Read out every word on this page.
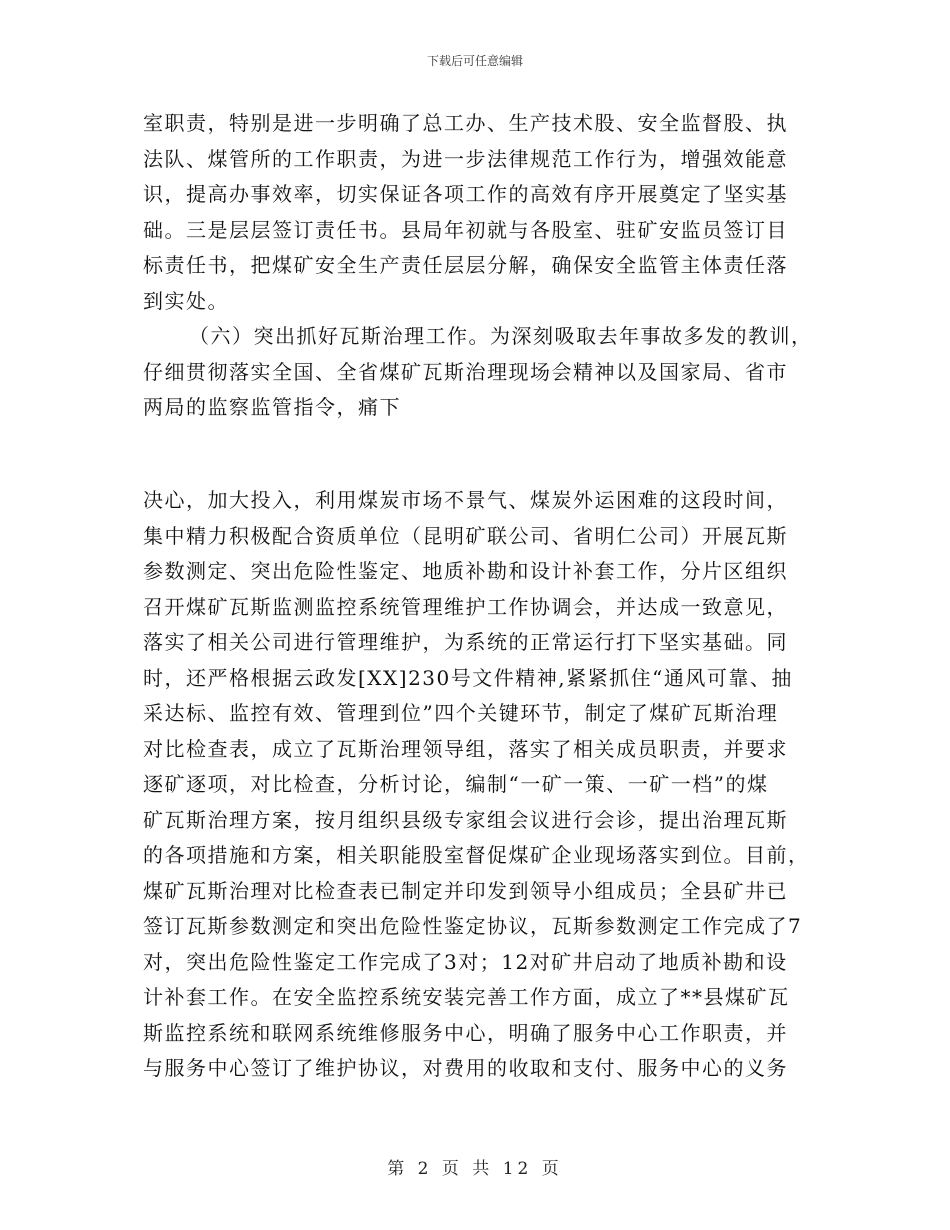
下载后可任意编辑
室职责，特别是进一步明确了总工办、生产技术股、安全监督股、执
法队、煤管所的工作职责，为进一步法律规范工作行为，增强效能意
识，提高办事效率，切实保证各项工作的高效有序开展奠定了坚实基
础。三是层层签订责任书。县局年初就与各股室、驻矿安监员签订目
标责任书，把煤矿安全生产责任层层分解，确保安全监管主体责任落
到实处。
（六）突出抓好瓦斯治理工作。为深刻吸取去年事故多发的教训，
仔细贯彻落实全国、全省煤矿瓦斯治理现场会精神以及国家局、省市
两局的监察监管指令，痛下
决心，加大投入，利用煤炭市场不景气、煤炭外运困难的这段时间，
集中精力积极配合资质单位（昆明矿联公司、省明仁公司）开展瓦斯
参数测定、突出危险性鉴定、地质补勘和设计补套工作，分片区组织
召开煤矿瓦斯监测监控系统管理维护工作协调会，并达成一致意见，
落实了相关公司进行管理维护，为系统的正常运行打下坚实基础。同
时，还严格根据云政发[XX]230号文件精神,紧紧抓住“通风可靠、抽
采达标、监控有效、管理到位”四个关键环节，制定了煤矿瓦斯治理
对比检查表，成立了瓦斯治理领导组，落实了相关成员职责，并要求
逐矿逐项，对比检查，分析讨论，编制“一矿一策、一矿一档”的煤
矿瓦斯治理方案，按月组织县级专家组会议进行会诊，提出治理瓦斯
的各项措施和方案，相关职能股室督促煤矿企业现场落实到位。目前，
煤矿瓦斯治理对比检查表已制定并印发到领导小组成员；全县矿井已
签订瓦斯参数测定和突出危险性鉴定协议，瓦斯参数测定工作完成了7
对，突出危险性鉴定工作完成了3对；12对矿井启动了地质补勘和设
计补套工作。在安全监控系统安装完善工作方面，成立了**县煤矿瓦
斯监控系统和联网系统维修服务中心，明确了服务中心工作职责，并
与服务中心签订了维护协议，对费用的收取和支付、服务中心的义务
第 2 页 共 12 页
